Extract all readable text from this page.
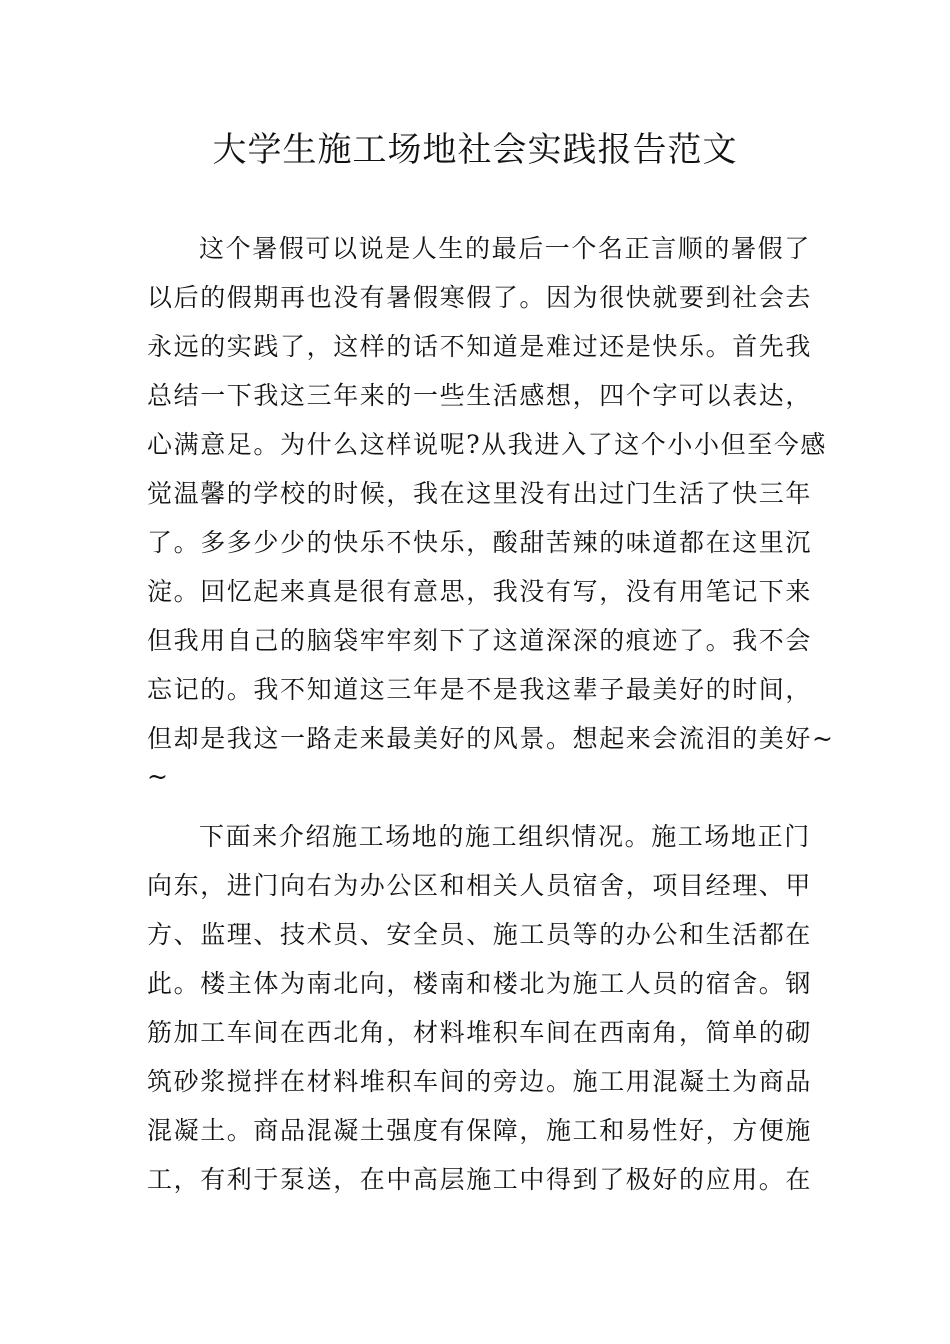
大学生施工场地社会实践报告范文
这个暑假可以说是人生的最后一个名正言顺的暑假了
以后的假期再也没有暑假寒假了。因为很快就要到社会去
永远的实践了，这样的话不知道是难过还是快乐。首先我
总结一下我这三年来的一些生活感想，四个字可以表达，
心满意足。为什么这样说呢?从我进入了这个小小但至今感
觉温馨的学校的时候，我在这里没有出过门生活了快三年
了。多多少少的快乐不快乐，酸甜苦辣的味道都在这里沉
淀。回忆起来真是很有意思，我没有写，没有用笔记下来
但我用自己的脑袋牢牢刻下了这道深深的痕迹了。我不会
忘记的。我不知道这三年是不是我这辈子最美好的时间，
但却是我这一路走来最美好的风景。想起来会流泪的美好~
~
下面来介绍施工场地的施工组织情况。施工场地正门
向东，进门向右为办公区和相关人员宿舍，项目经理、甲
方、监理、技术员、安全员、施工员等的办公和生活都在
此。楼主体为南北向，楼南和楼北为施工人员的宿舍。钢
筋加工车间在西北角，材料堆积车间在西南角，简单的砌
筑砂浆搅拌在材料堆积车间的旁边。施工用混凝土为商品
混凝土。商品混凝土强度有保障，施工和易性好，方便施
工，有利于泵送，在中高层施工中得到了极好的应用。在
